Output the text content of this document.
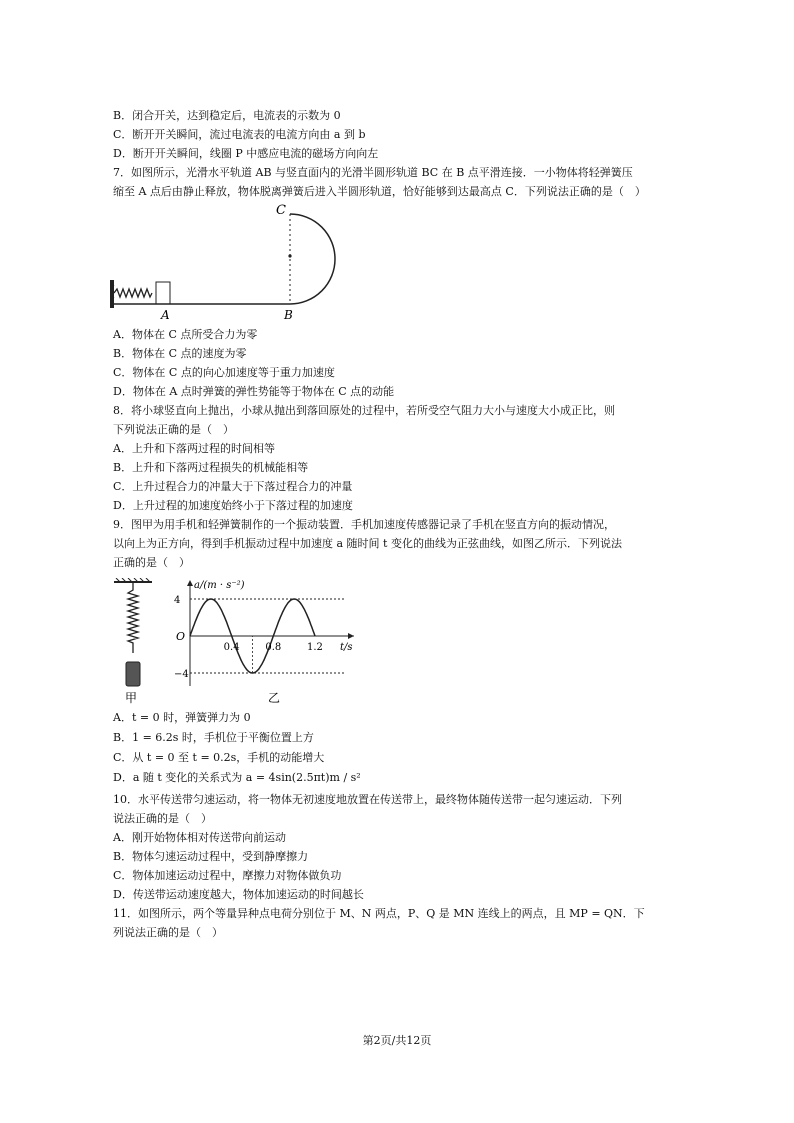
B．闭合开关，达到稳定后，电流表的示数为 0
C．断开开关瞬间，流过电流表的电流方向由 a 到 b
D．断开开关瞬间，线圈 P 中感应电流的磁场方向向左
7．如图所示，光滑水平轨道 AB 与竖直面内的光滑半圆形轨道 BC 在 B 点平滑连接．一小物体将轻弹簧压
缩至 A 点后由静止释放，物体脱离弹簧后进入半圆形轨道，恰好能够到达最高点 C．下列说法正确的是（　）
C
A	B
A．物体在 C 点所受合力为零
B．物体在 C 点的速度为零
C．物体在 C 点的向心加速度等于重力加速度
D．物体在 A 点时弹簧的弹性势能等于物体在 C 点的动能
8．将小球竖直向上抛出，小球从抛出到落回原处的过程中，若所受空气阻力大小与速度大小成正比，则
下列说法正确的是（　）
A．上升和下落两过程的时间相等
B．上升和下落两过程损失的机械能相等
C．上升过程合力的冲量大于下落过程合力的冲量
D．上升过程的加速度始终小于下落过程的加速度
9．图甲为用手机和轻弹簧制作的一个振动装置．手机加速度传感器记录了手机在竖直方向的振动情况，
以向上为正方向，得到手机振动过程中加速度 a 随时间 t 变化的曲线为正弦曲线，如图乙所示．下列说法
正确的是（　）
甲
0.4	0.8	1.2
4
−4
O
t/s
a/(m · s⁻²)
乙
A．t = 0 时，弹簧弹力为 0
B．1 = 6.2s 时，手机位于平衡位置上方
C．从 t = 0 至 t = 0.2s，手机的动能增大
D．a 随 t 变化的关系式为 a = 4sin(2.5πt)m / s²
10．水平传送带匀速运动，将一物体无初速度地放置在传送带上，最终物体随传送带一起匀速运动．下列
说法正确的是（　）
A．刚开始物体相对传送带向前运动
B．物体匀速运动过程中，受到静摩擦力
C．物体加速运动过程中，摩擦力对物体做负功
D．传送带运动速度越大，物体加速运动的时间越长
11．如图所示，两个等量异种点电荷分别位于 M、N 两点，P、Q 是 MN 连线上的两点，且 MP = QN．下
列说法正确的是（　）
第2页/共12页
